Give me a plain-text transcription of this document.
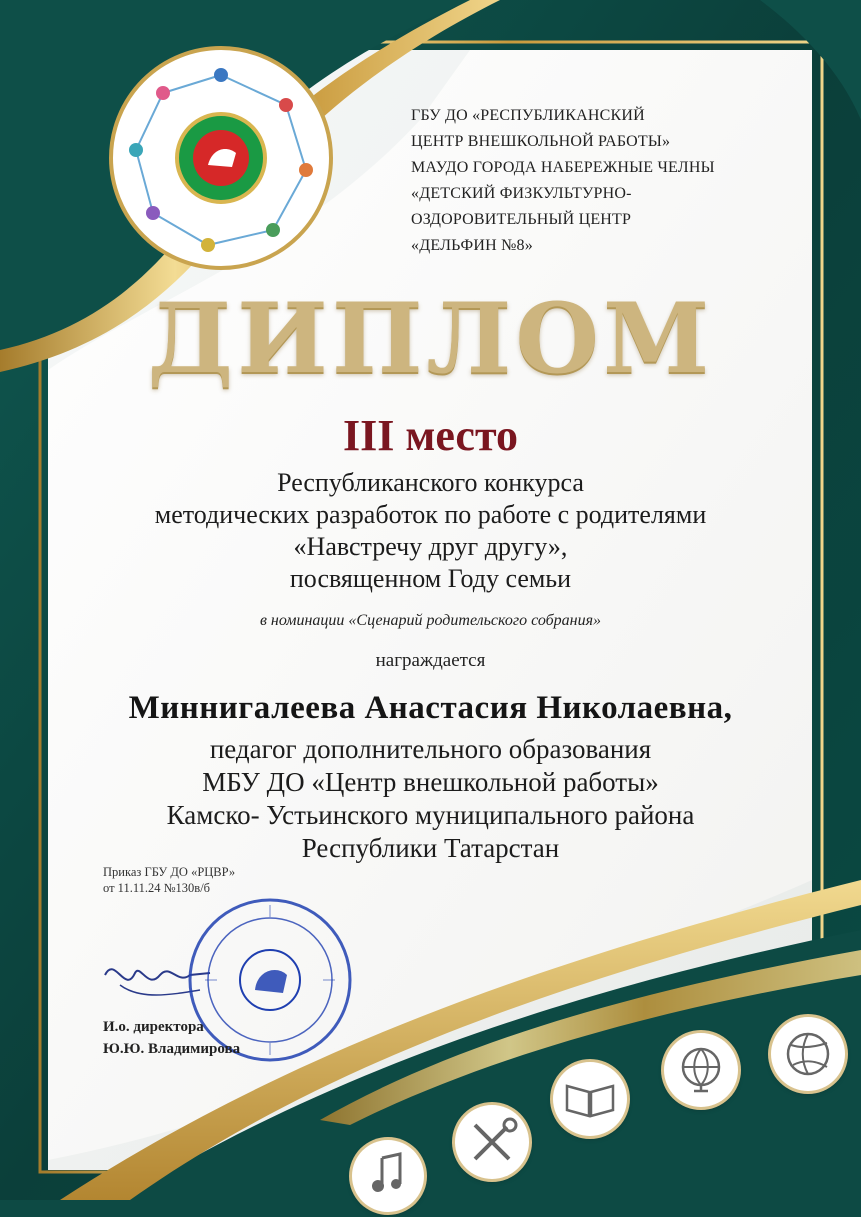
ГБУ ДО «РЕСПУБЛИКАНСКИЙ
ЦЕНТР ВНЕШКОЛЬНОЙ РАБОТЫ»
МАУДО ГОРОДА НАБЕРЕЖНЫЕ ЧЕЛНЫ
«ДЕТСКИЙ ФИЗКУЛЬТУРНО-
ОЗДОРОВИТЕЛЬНЫЙ ЦЕНТР
«ДЕЛЬФИН №8»
ДИПЛОМ
III место
Республиканского конкурса
методических разработок по работе с родителями
«Навстречу друг другу»,
посвященном Году семьи
в номинации «Сценарий родительского собрания»
награждается
Миннигалеева Анастасия Николаевна,
педагог дополнительного образования
МБУ ДО «Центр внешкольной работы»
Камско- Устьинского муниципального района
Республики Татарстан
Приказ ГБУ ДО «РЦВР»
от 11.11.24 №130в/б
И.о. директора
Ю.Ю. Владимирова
